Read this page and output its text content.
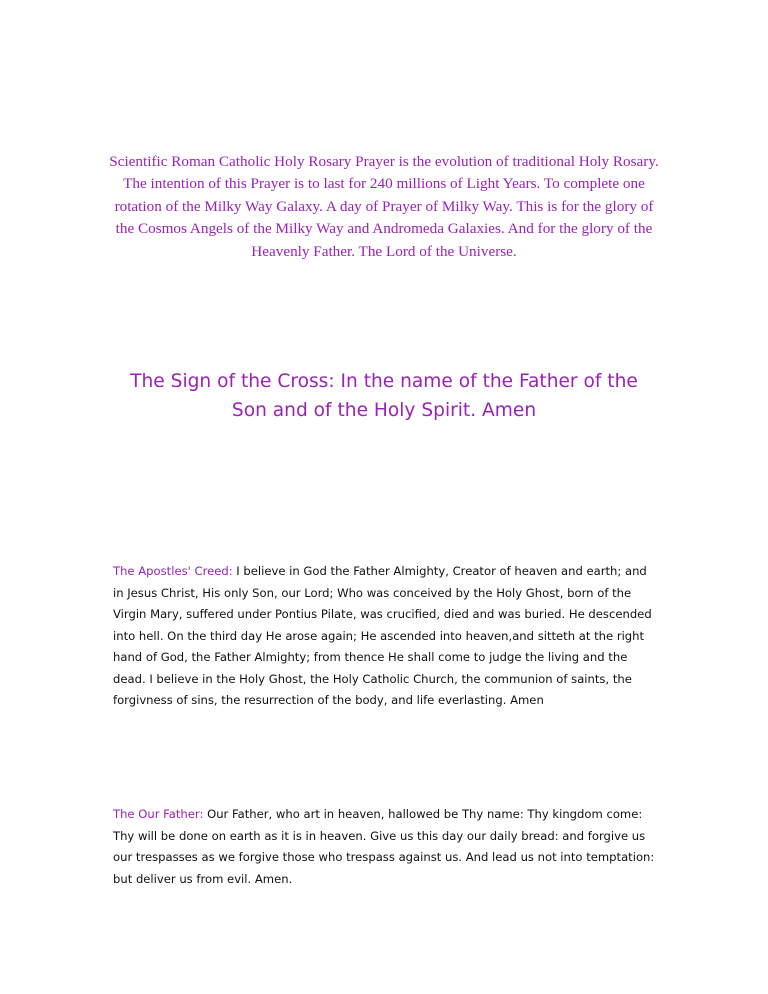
Scientific Roman Catholic Holy Rosary Prayer is the evolution of traditional Holy Rosary. The intention of this Prayer is to last for 240 millions of Light Years. To complete one rotation of the Milky Way Galaxy. A day of Prayer of Milky Way. This is for the glory of the Cosmos Angels of the Milky Way and Andromeda Galaxies. And for the glory of the Heavenly Father. The Lord of the Universe.
The Sign of the Cross: In the name of the Father of the Son and of the Holy Spirit. Amen
The Apostles' Creed: I believe in God the Father Almighty, Creator of heaven and earth; and in Jesus Christ, His only Son, our Lord; Who was conceived by the Holy Ghost, born of the Virgin Mary, suffered under Pontius Pilate, was crucified, died and was buried. He descended into hell. On the third day He arose again; He ascended into heaven,and sitteth at the right hand of God, the Father Almighty; from thence He shall come to judge the living and the dead. I believe in the Holy Ghost, the Holy Catholic Church, the communion of saints, the forgivness of sins, the resurrection of the body, and life everlasting. Amen
The Our Father: Our Father, who art in heaven, hallowed be Thy name: Thy kingdom come: Thy will be done on earth as it is in heaven. Give us this day our daily bread: and forgive us our trespasses as we forgive those who trespass against us. And lead us not into temptation: but deliver us from evil. Amen.
